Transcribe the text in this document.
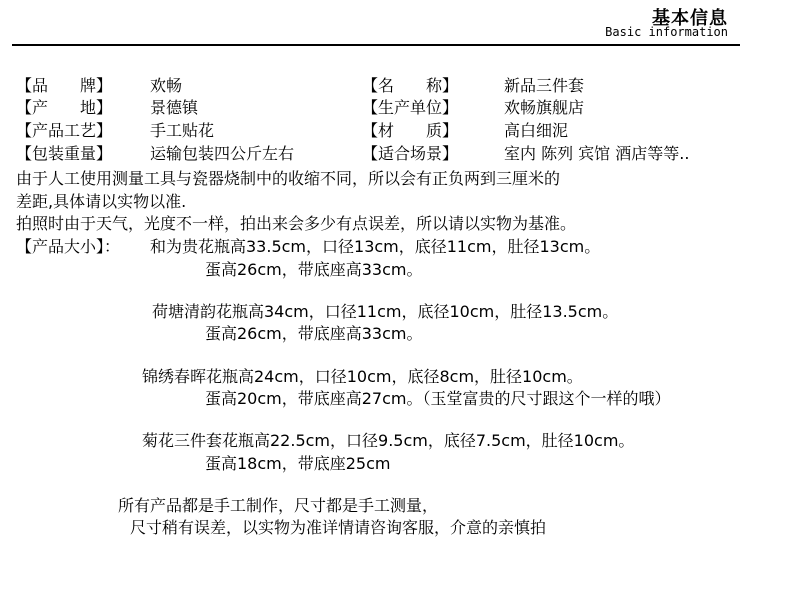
基本信息
Basic information
【品　　牌】 欢畅	【名　　称】	新品三件套
【产　　地】 景德镇	【生产单位】	欢畅旗舰店
【产品工艺】 手工贴花	【材　　质】	高白细泥
【包装重量】 运输包装四公斤左右	【适合场景】	室内 陈列 宾馆 酒店等等..
由于人工使用测量工具与瓷器烧制中的收缩不同，所以会有正负两到三厘米的
差距,具体请以实物以准.
拍照时由于天气，光度不一样，拍出来会多少有点误差，所以请以实物为基准。
【产品大小】： 和为贵花瓶高33.5cm，口径13cm，底径11cm，肚径13cm。
蛋高26cm，带底座高33cm。
荷塘清韵花瓶高34cm，口径11cm，底径10cm，肚径13.5cm。
蛋高26cm，带底座高33cm。
锦绣春晖花瓶高24cm，口径10cm，底径8cm，肚径10cm。
蛋高20cm，带底座高27cm。（玉堂富贵的尺寸跟这个一样的哦）
菊花三件套花瓶高22.5cm，口径9.5cm，底径7.5cm，肚径10cm。
蛋高18cm，带底座25cm
所有产品都是手工制作，尺寸都是手工测量，
尺寸稍有误差，以实物为准详情请咨询客服，介意的亲慎拍
